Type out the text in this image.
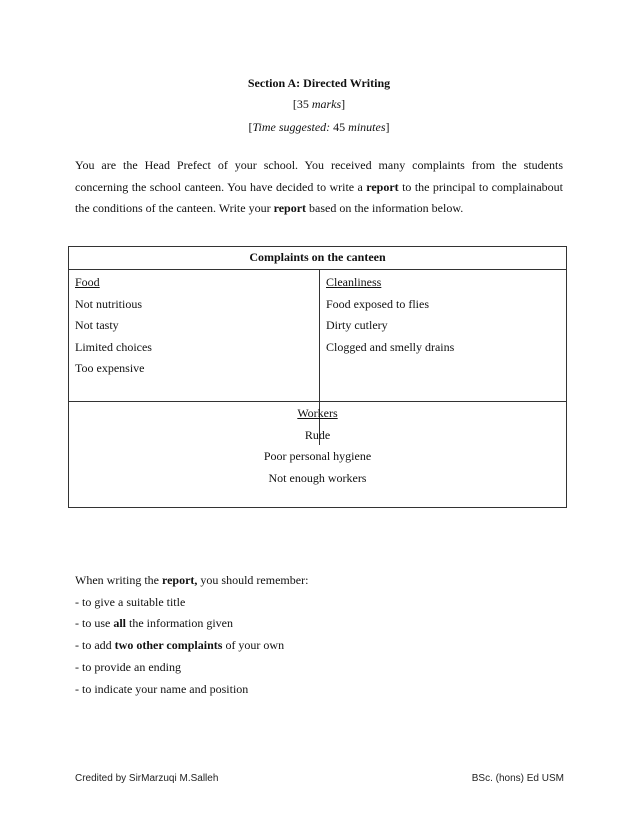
Section A: Directed Writing
[35 marks]
[Time suggested: 45 minutes]
You are the Head Prefect of your school. You received many complaints from the students concerning the school canteen. You have decided to write a report to the principal to complainabout the conditions of the canteen. Write your report based on the information below.
Complaints on the canteen
Food
Not nutritious
Not tasty
Limited choices
Too expensive
Cleanliness
Food exposed to flies
Dirty cutlery
Clogged and smelly drains
Workers
Rude
Poor personal hygiene
Not enough workers
When writing the report, you should remember:
- to give a suitable title
- to use all the information given
- to add two other complaints of your own
- to provide an ending
- to indicate your name and position
Credited by SirMarzuqi M.Salleh	BSc. (hons) Ed USM
